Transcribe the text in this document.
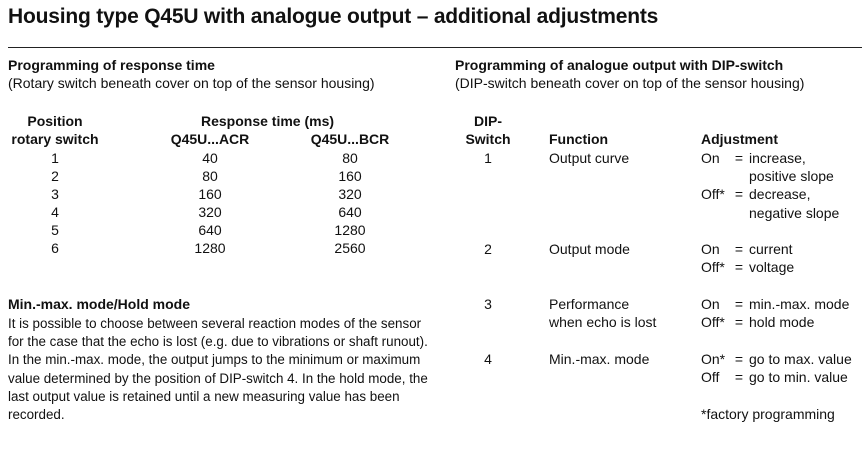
Housing type Q45U with analogue output – additional adjustments
Programming of response time
(Rotary switch beneath cover on top of the sensor housing)
Position
rotary switch
Response time (ms)
Q45U...ACR	Q45U...BCR
1	40	80
2	80	160
3	160	320
4	320	640
5	640	1280
6	1280	2560
Min.-max. mode/Hold mode
It is possible to choose between several reaction modes of the sensor for the case that the echo is lost (e.g. due to vibrations or shaft runout). In the min.-max. mode, the output jumps to the minimum or maximum value determined by the position of DIP-switch 4. In the hold mode, the last output value is retained until a new measuring value has been recorded.
Programming of analogue output with DIP-switch
(DIP-switch beneath cover on top of the sensor housing)
DIP-
Switch	Function	Adjustment
1	Output curve	On	= increase,
positive slope
Off* = decrease,
negative slope
2	Output mode	On	= current
Off* = voltage
3	Performance
when echo is lost
On	= min.-max. mode
Off* = hold mode
4	Min.-max. mode	On* = go to max. value
Off	= go to min. value
*factory programming
